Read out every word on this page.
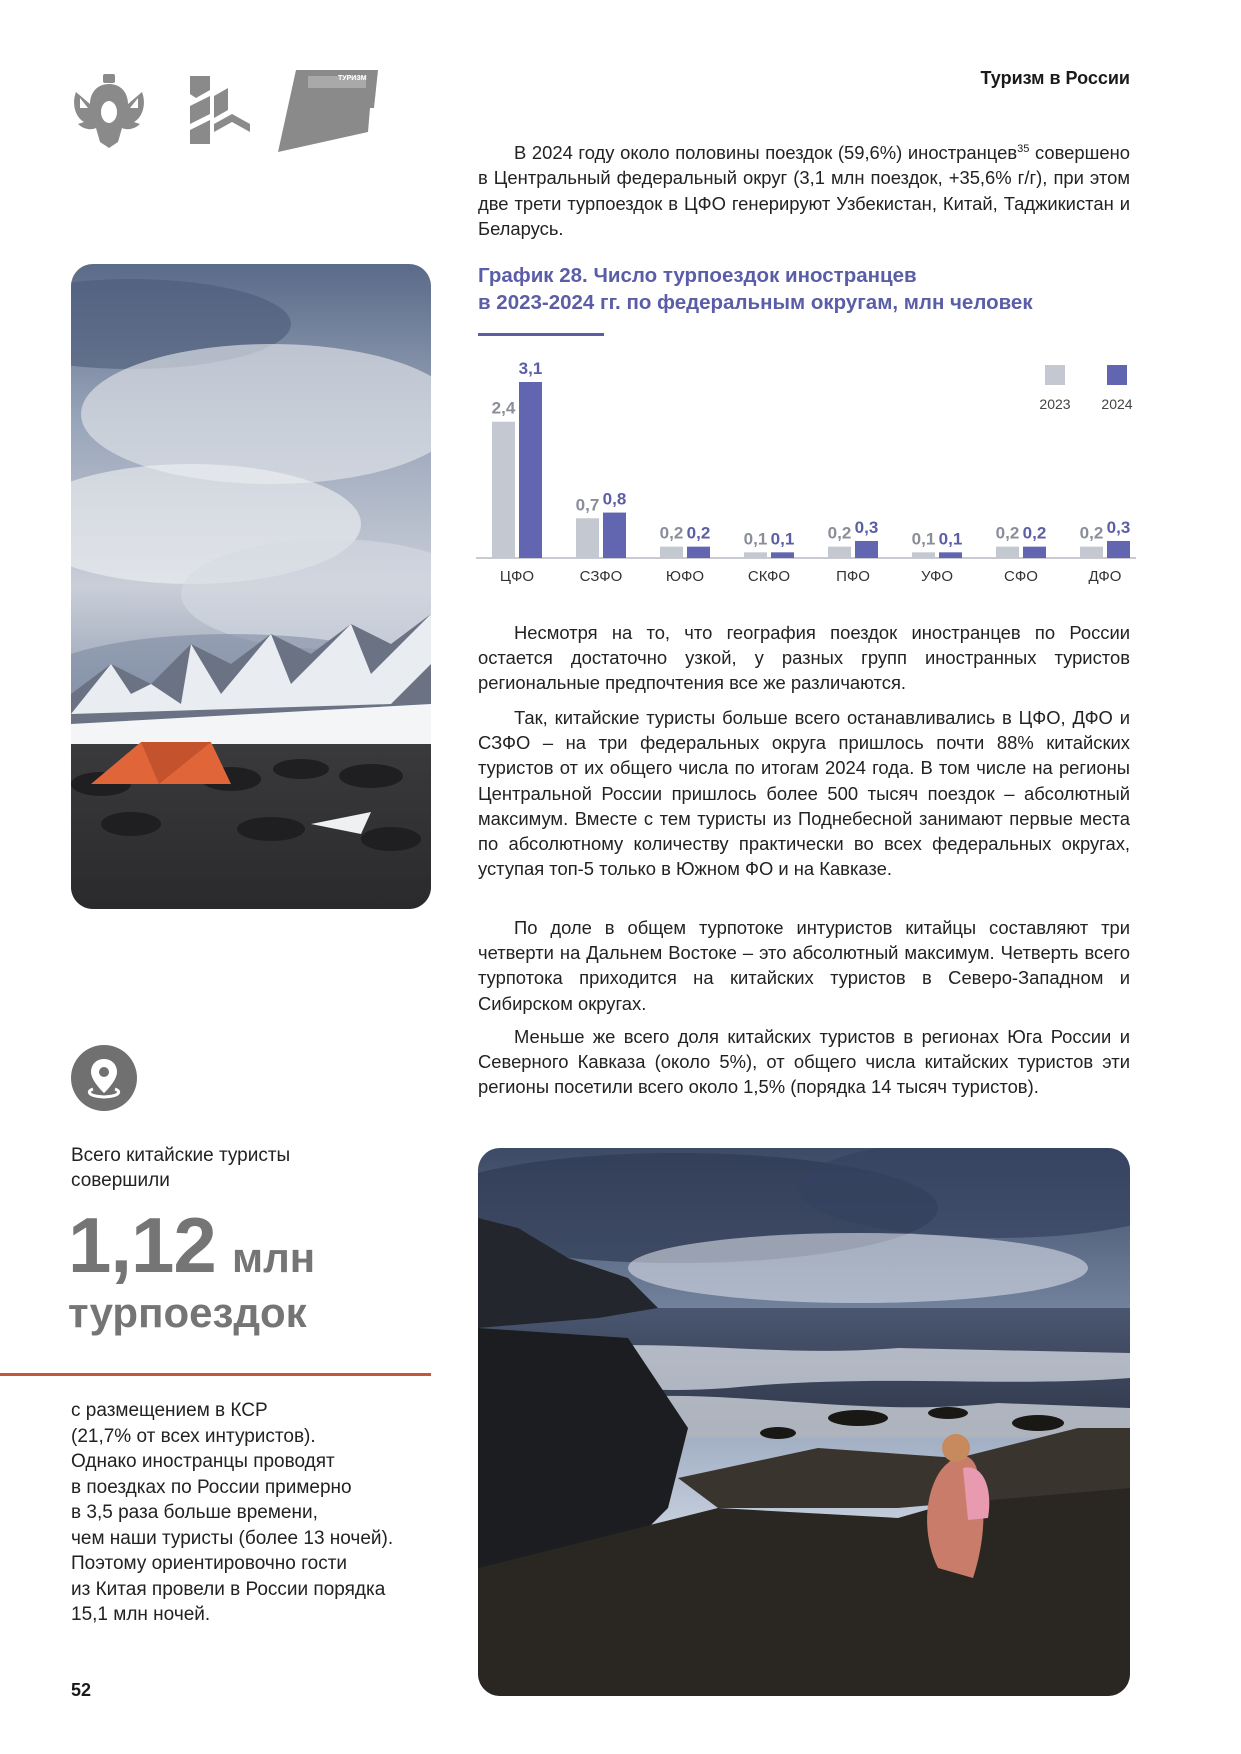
ТУРИЗМ	Туризм в России
В 2024 году около половины поездок (59,6%) иностранцев$^{35}$ совершено в Центральный федеральный округ (3,1 млн поездок, +35,6% г/г), при этом две трети турпоездок в ЦФО генерируют Узбекистан, Китай, Таджикистан и Беларусь.
График 28. Число турпоездок иностранцев
в 2023-2024 гг. по федеральным округам, млн человек
2,4
3,1
ЦФО
0,7 0,8
СЗФО
0,2 0,2
ЮФО
0,1 0,1
СКФО
0,2 0,3
ПФО
0,1 0,1
УФО
0,2 0,2
СФО
0,2 0,3
ДФО
2023 2024
Несмотря на то, что география поездок иностранцев по России остается достаточно узкой, у разных групп иностранных туристов региональные предпочтения все же различаются.
Так, китайские туристы больше всего останавливались в ЦФО, ДФО и СЗФО – на три федеральных округа пришлось почти 88% китайских туристов от их общего числа по итогам 2024 года. В том числе на регионы Центральной России пришлось более 500 тысяч поездок – абсолютный максимум. Вместе с тем туристы из Поднебесной занимают первые места по абсолютному количеству практически во всех федеральных округах, уступая топ-5 только в Южном ФО и на Кавказе.
По доле в общем турпотоке интуристов китайцы составляют три четверти на Дальнем Востоке – это абсолютный максимум. Четверть всего турпотока приходится на китайских туристов в Северо-Западном и Сибирском округах.
Меньше же всего доля китайских туристов в регионах Юга России и Северного Кавказа (около 5%), от общего числа китайских туристов эти регионы посетили всего около 1,5% (порядка 14 тысяч туристов).
Всего китайские туристы
совершили
1,12 млн
турпоездок
с размещением в КСР
(21,7% от всех интуристов).
Однако иностранцы проводят
в поездках по России примерно
в 3,5 раза больше времени,
чем наши туристы (более 13 ночей).
Поэтому ориентировочно гости
из Китая провели в России порядка
15,1 млн ночей.
52
